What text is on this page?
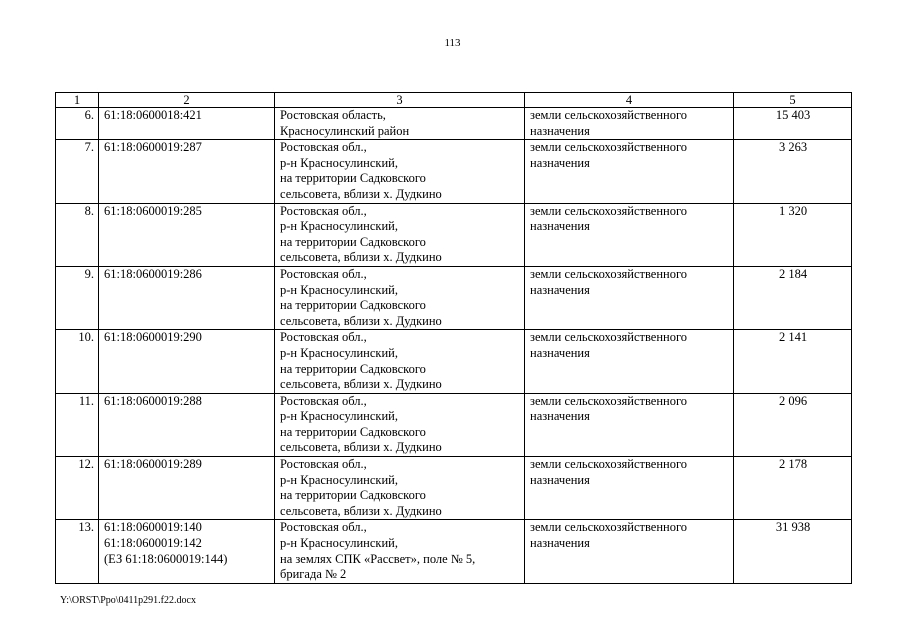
113
1	2	3	4	5
6.	61:18:0600018:421	Ростовская область,
Красносулинский район	земли сельскохозяйственного
назначения	15 403
7.	61:18:0600019:287	Ростовская обл.,
р-н Красносулинский,
на территории Садковского
сельсовета, вблизи х. Дудкино	земли сельскохозяйственного
назначения	3 263
8.	61:18:0600019:285	Ростовская обл.,
р-н Красносулинский,
на территории Садковского
сельсовета, вблизи х. Дудкино	земли сельскохозяйственного
назначения	1 320
9.	61:18:0600019:286	Ростовская обл.,
р-н Красносулинский,
на территории Садковского
сельсовета, вблизи х. Дудкино	земли сельскохозяйственного
назначения	2 184
10.	61:18:0600019:290	Ростовская обл.,
р-н Красносулинский,
на территории Садковского
сельсовета, вблизи х. Дудкино	земли сельскохозяйственного
назначения	2 141
11.	61:18:0600019:288	Ростовская обл.,
р-н Красносулинский,
на территории Садковского
сельсовета, вблизи х. Дудкино	земли сельскохозяйственного
назначения	2 096
12.	61:18:0600019:289	Ростовская обл.,
р-н Красносулинский,
на территории Садковского
сельсовета, вблизи х. Дудкино	земли сельскохозяйственного
назначения	2 178
13.	61:18:0600019:140
61:18:0600019:142
(ЕЗ 61:18:0600019:144)	Ростовская обл.,
р-н Красносулинский,
на землях СПК «Рассвет», поле № 5,
бригада № 2	земли сельскохозяйственного
назначения	31 938
Y:\ORST\Ppo\0411p291.f22.docx
